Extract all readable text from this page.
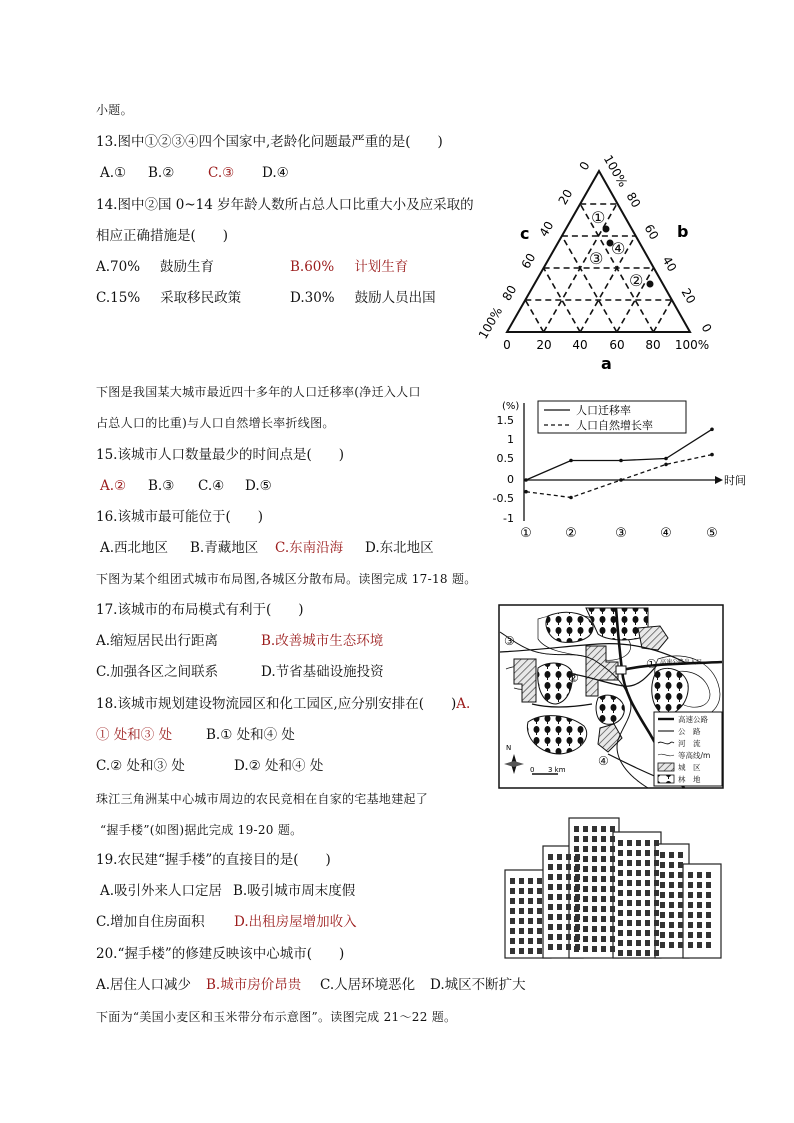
小题。
13.图中①②③④四个国家中,老龄化问题最严重的是(　　)
A.① B.② C.③ D.④
14.图中②国 0~14 岁年龄人数所占总人口比重大小及应采取的
相应正确措施是(　　)
A.70% 鼓励生育	B.60% 计划生育
C.15% 采取移民政策	D.30% 鼓励人员出国
下图是我国某大城市最近四十多年的人口迁移率(净迁入人口
占总人口的比重)与人口自然增长率折线图。
15.该城市人口数量最少的时间点是(　　)
A.② B.③ C.④ D.⑤
16.该城市最可能位于(　　)
A.西北地区 B.青藏地区 C.东南沿海 D.东北地区
下图为某个组团式城市布局图,各城区分散布局。读图完成 17-18 题。
17.该城市的布局模式有利于(　　)
A.缩短居民出行距离	B.改善城市生态环境
C.加强各区之间联系	D.节省基础设施投资
18.该城市规划建设物流园区和化工园区,应分别安排在(　　)A.
① 处和③ 处	B.① 处和④ 处
C.② 处和③ 处	D.② 处和④ 处
珠江三角洲某中心城市周边的农民竞相在自家的宅基地建起了
“握手楼”(如图)据此完成 19-20 题。
19.农民建“握手楼”的直接目的是(　　)
A.吸引外来人口定居 B.吸引城市周末度假
C.增加自住房面积 D.出租房屋增加收入
20.“握手楼”的修建反映该中心城市(　　)
A.居住人口减少 B.城市房价昂贵 C.人居环境恶化 D.城区不断扩大
下面为“美国小麦区和玉米带分布示意图”。读图完成 21～22 题。
c	b
a
0 20 40 60 80 100%
100%
80
60
40
20
0
0
20
40
60
80
100%
①
④
③
②
(%)
1.5
1
0.5
0
-0.5
-1
时间
①	②	③	④	⑤
人口迁移率
人口自然增长率
①
②
③
④
高速公路出入口
高速公路
公　路
河　流
等高线/m
城　区
林　地
N
0 3 km
